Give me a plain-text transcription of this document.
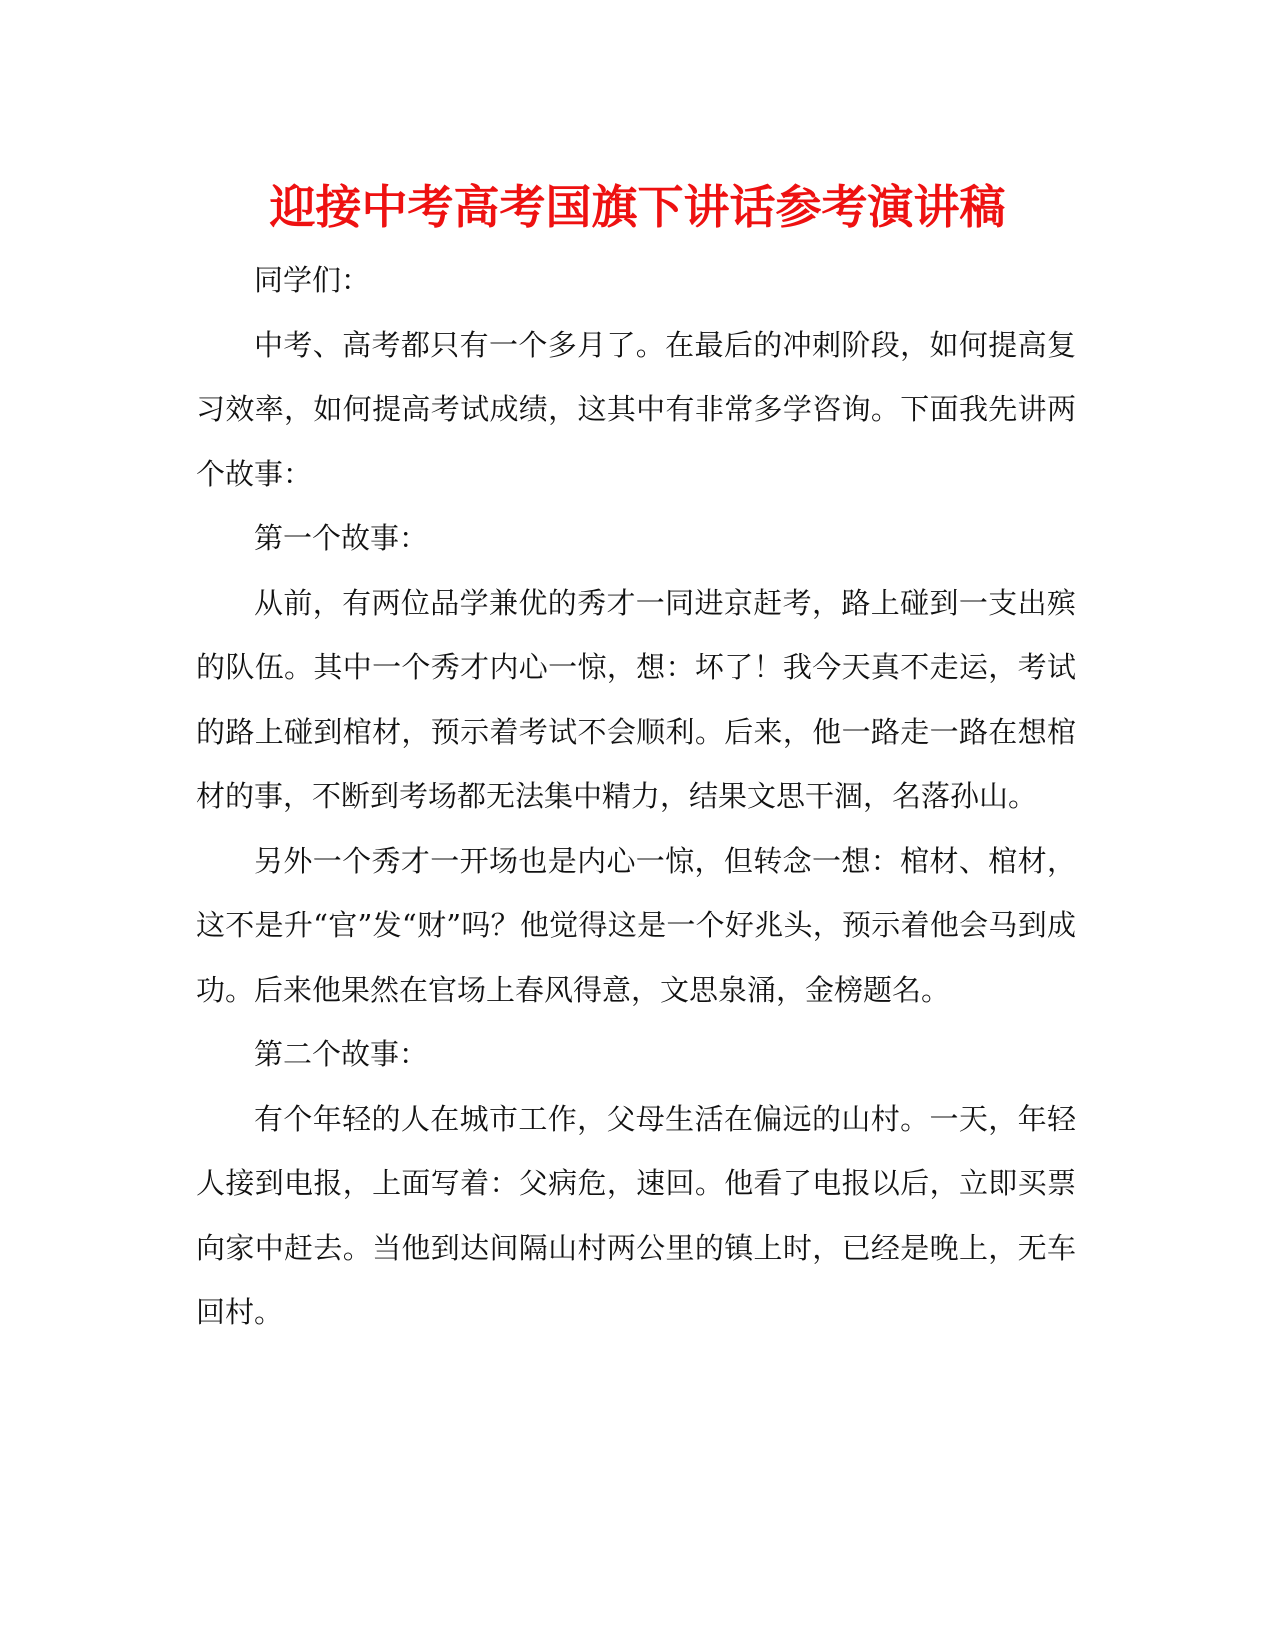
迎接中考高考国旗下讲话参考演讲稿

同学们：

中考、高考都只有一个多月了。在最后的冲刺阶段，如何提高复习效率，如何提高考试成绩，这其中有非常多学咨询。下面我先讲两个故事：

第一个故事：

从前，有两位品学兼优的秀才一同进京赶考，路上碰到一支出殡的队伍。其中一个秀才内心一惊，想：坏了！我今天真不走运，考试的路上碰到棺材，预示着考试不会顺利。后来，他一路走一路在想棺材的事，不断到考场都无法集中精力，结果文思干涸，名落孙山。

另外一个秀才一开场也是内心一惊，但转念一想：棺材、棺材，这不是升“官”发“财”吗？他觉得这是一个好兆头，预示着他会马到成功。后来他果然在官场上春风得意，文思泉涌，金榜题名。

第二个故事：

有个年轻的人在城市工作，父母生活在偏远的山村。一天，年轻人接到电报，上面写着：父病危，速回。他看了电报以后，立即买票向家中赶去。当他到达间隔山村两公里的镇上时，已经是晚上，无车回村。
